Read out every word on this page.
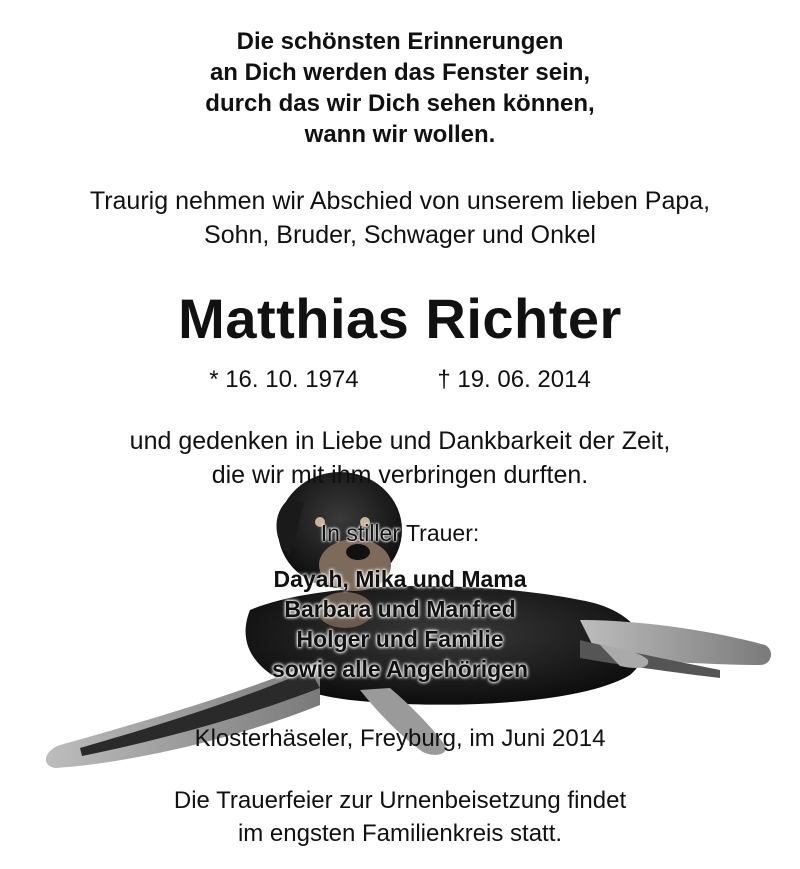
Die schönsten Erinnerungen
an Dich werden das Fenster sein,
durch das wir Dich sehen können,
wann wir wollen.
Traurig nehmen wir Abschied von unserem lieben Papa,
Sohn, Bruder, Schwager und Onkel
Matthias Richter
* 16. 10. 1974	† 19. 06. 2014
und gedenken in Liebe und Dankbarkeit der Zeit,
die wir mit ihm verbringen durften.
In stiller Trauer:
Dayah, Mika und Mama
Barbara und Manfred
Holger und Familie
sowie alle Angehörigen
Klosterhäseler, Freyburg, im Juni 2014
Die Trauerfeier zur Urnenbeisetzung findet
im engsten Familienkreis statt.
